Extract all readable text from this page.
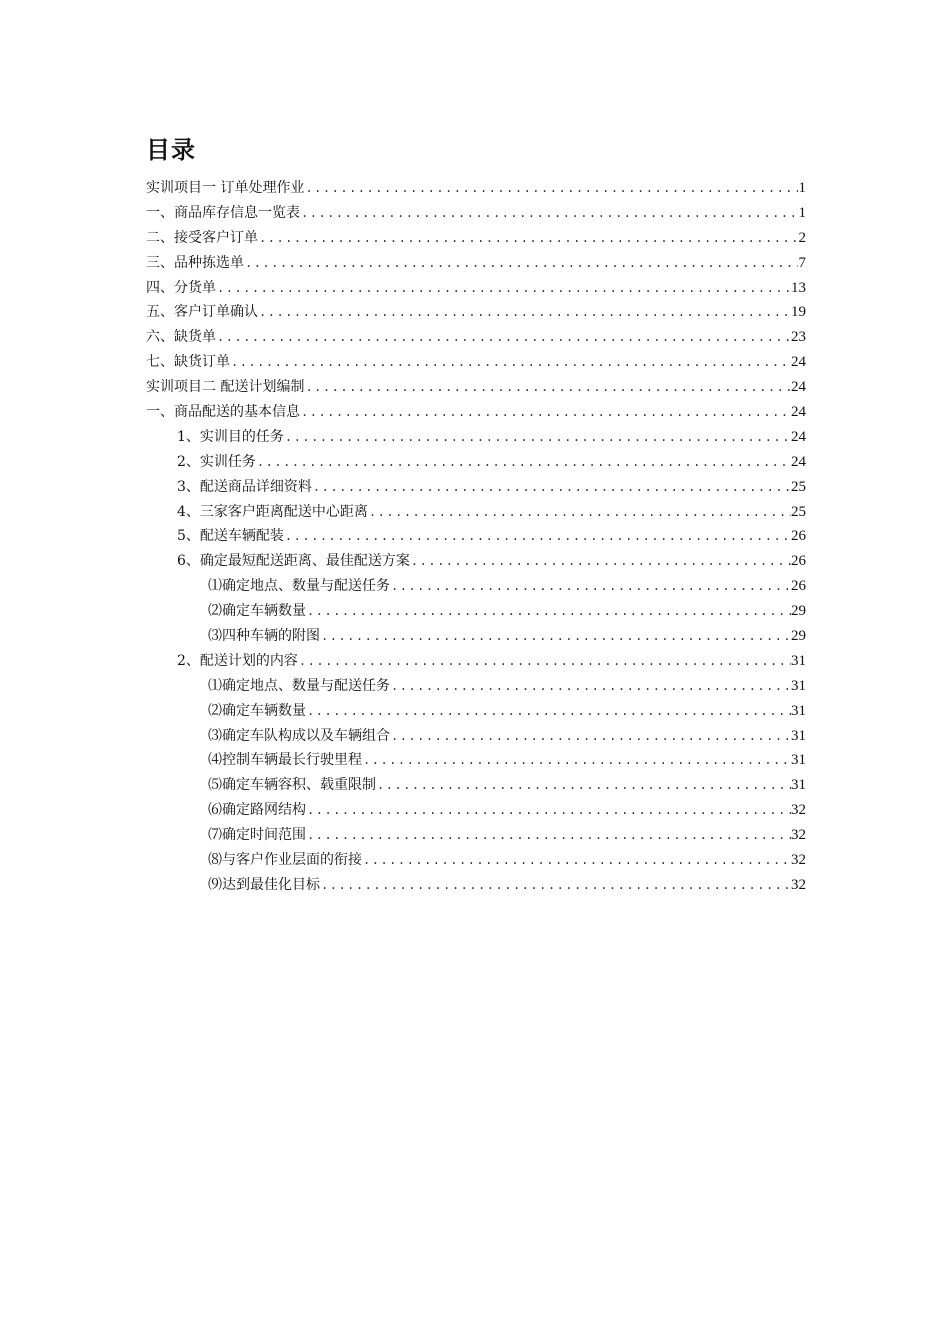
目录
实训项目一 订单处理作业 .....	1
一、商品库存信息一览表 .....	1
二、接受客户订单 .....	2
三、品种拣选单 .....	7
四、分货单 .....	13
五、客户订单确认 .....	19
六、缺货单 .....	23
七、缺货订单 .....	24
实训项目二 配送计划编制 .....	24
一、商品配送的基本信息 .....	24
1、实训目的任务 .....	24
2、实训任务 .....	24
3、配送商品详细资料 .....	25
4、三家客户距离配送中心距离 .....	25
5、配送车辆配装 .....	26
6、确定最短配送距离、最佳配送方案 .....	26
⑴确定地点、数量与配送任务 .....	26
⑵确定车辆数量 .....	29
⑶四种车辆的附图 .....	29
2、配送计划的内容 .....	31
⑴确定地点、数量与配送任务 .....	31
⑵确定车辆数量 .....	31
⑶确定车队构成以及车辆组合 .....	31
⑷控制车辆最长行驶里程 .....	31
⑸确定车辆容积、载重限制 .....	31
⑹确定路网结构 .....	32
⑺确定时间范围 .....	32
⑻与客户作业层面的衔接 .....	32
⑼达到最佳化目标 .....	32
